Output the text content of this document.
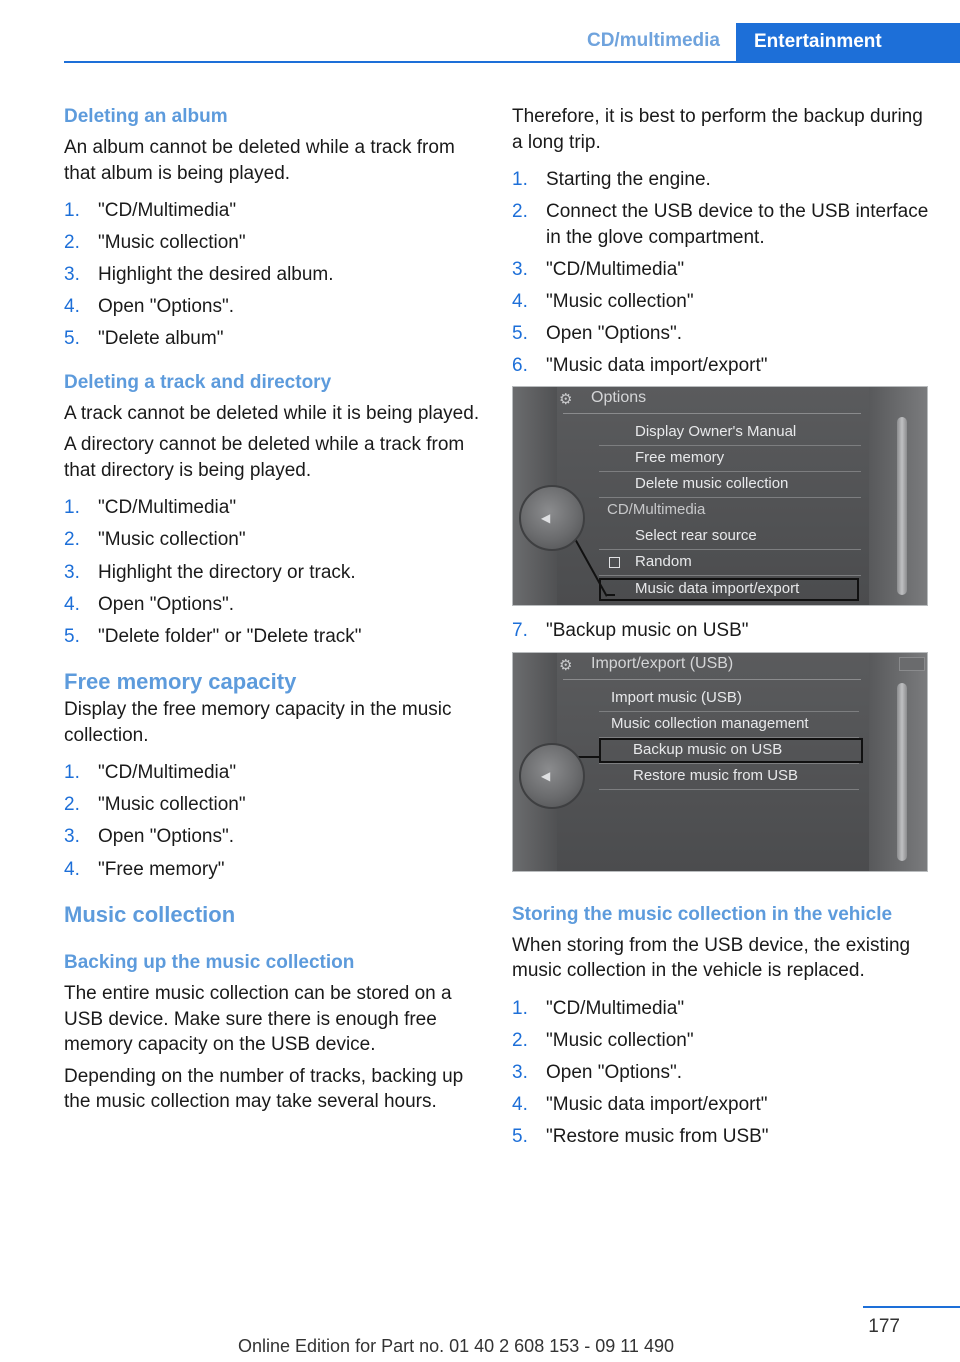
CD/multimedia	Entertainment
Deleting an album
An album cannot be deleted while a track from that album is being played.
1. "CD/Multimedia"
2. "Music collection"
3. Highlight the desired album.
4. Open "Options".
5. "Delete album"
Deleting a track and directory
A track cannot be deleted while it is being played.
A directory cannot be deleted while a track from that directory is being played.
1. "CD/Multimedia"
2. "Music collection"
3. Highlight the directory or track.
4. Open "Options".
5. "Delete folder" or "Delete track"
Free memory capacity
Display the free memory capacity in the music collection.
1. "CD/Multimedia"
2. "Music collection"
3. Open "Options".
4. "Free memory"
Music collection
Backing up the music collection
The entire music collection can be stored on a USB device. Make sure there is enough free memory capacity on the USB device.
Depending on the number of tracks, backing up the music collection may take several hours.
Therefore, it is best to perform the backup during a long trip.
1. Starting the engine.
2. Connect the USB device to the USB interface in the glove compartment.
3. "CD/Multimedia"
4. "Music collection"
5. Open "Options".
6. "Music data import/export"
⚙ Options
Display Owner's Manual
Free memory
Delete music collection
CD/Multimedia
Select rear source
Random
Music data import/export
◀
7. "Backup music on USB"
⚙ Import/export (USB)
Import music (USB)
Music collection management
Backup music on USB
Restore music from USB
◀
Storing the music collection in the vehicle
When storing from the USB device, the existing music collection in the vehicle is replaced.
1. "CD/Multimedia"
2. "Music collection"
3. Open "Options".
4. "Music data import/export"
5. "Restore music from USB"
177
Online Edition for Part no. 01 40 2 608 153 - 09 11 490
